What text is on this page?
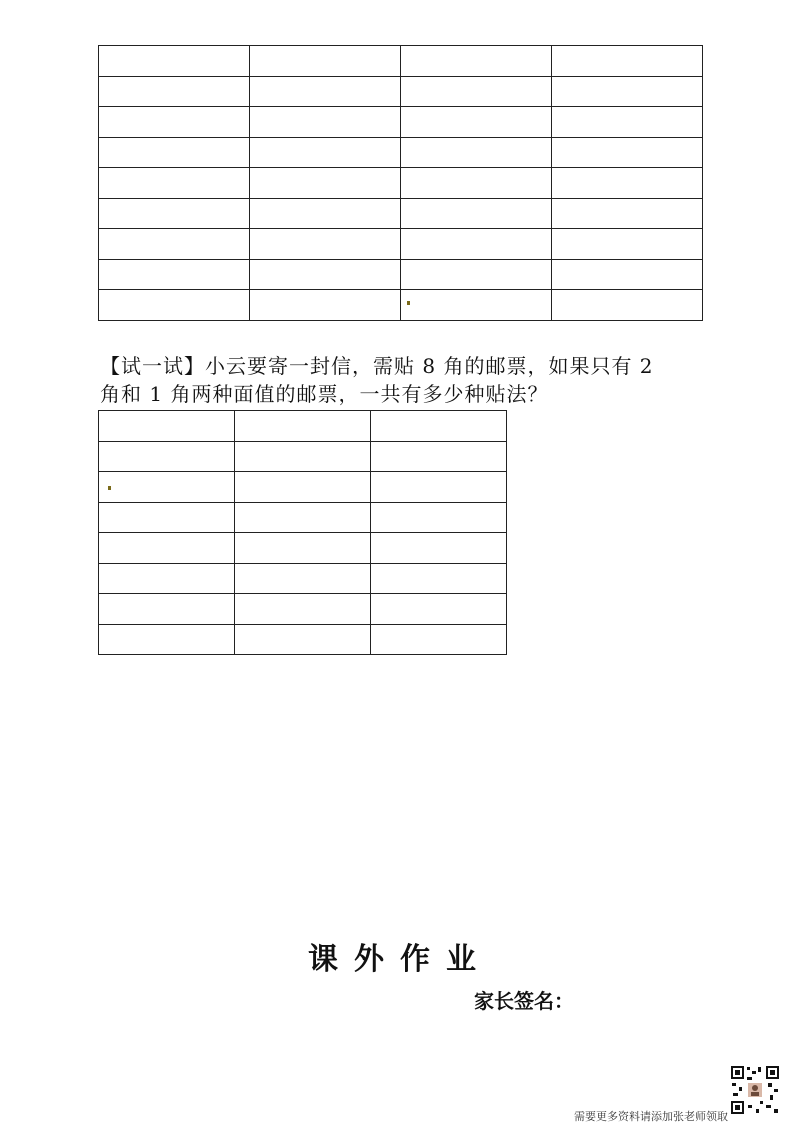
【试一试】小云要寄一封信，需贴 8 角的邮票，如果只有 2
角和 1 角两种面值的邮票，一共有多少种贴法？

课外作业
家长签名：
需要更多资料请添加张老师领取
